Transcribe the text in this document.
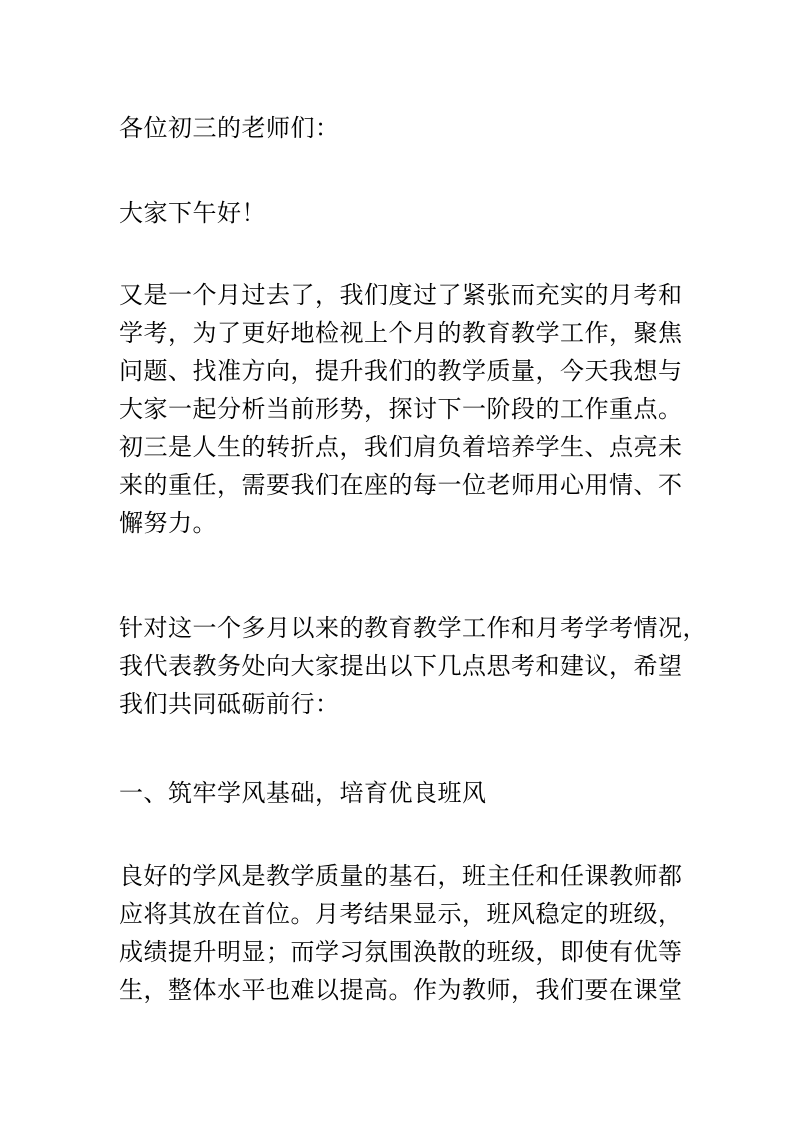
各位初三的老师们：

大家下午好！

又是一个月过去了，我们度过了紧张而充实的月考和
学考，为了更好地检视上个月的教育教学工作，聚焦
问题、找准方向，提升我们的教学质量，今天我想与
大家一起分析当前形势，探讨下一阶段的工作重点。
初三是人生的转折点，我们肩负着培养学生、点亮未
来的重任，需要我们在座的每一位老师用心用情、不
懈努力。

针对这一个多月以来的教育教学工作和月考学考情况，
我代表教务处向大家提出以下几点思考和建议，希望
我们共同砥砺前行：

一、筑牢学风基础，培育优良班风

良好的学风是教学质量的基石，班主任和任课教师都
应将其放在首位。月考结果显示，班风稳定的班级，
成绩提升明显；而学习氛围涣散的班级，即使有优等
生，整体水平也难以提高。作为教师，我们要在课堂
